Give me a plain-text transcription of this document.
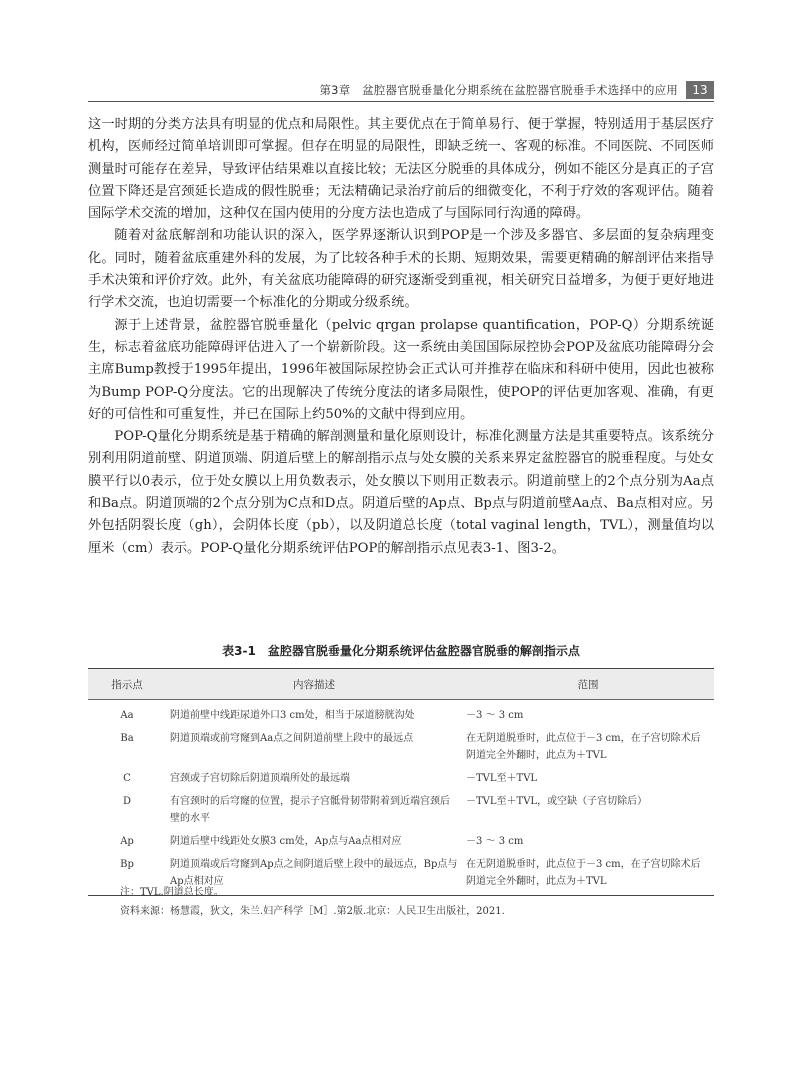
第3章　盆腔器官脱垂量化分期系统在盆腔器官脱垂手术选择中的应用	13

这一时期的分类方法具有明显的优点和局限性。其主要优点在于简单易行、便于掌握，特别适用于基层医疗机构，医师经过简单培训即可掌握。但存在明显的局限性，即缺乏统一、客观的标准。不同医院、不同医师测量时可能存在差异，导致评估结果难以直接比较；无法区分脱垂的具体成分，例如不能区分是真正的子宫位置下降还是宫颈延长造成的假性脱垂；无法精确记录治疗前后的细微变化，不利于疗效的客观评估。随着国际学术交流的增加，这种仅在国内使用的分度方法也造成了与国际同行沟通的障碍。

随着对盆底解剖和功能认识的深入，医学界逐渐认识到POP是一个涉及多器官、多层面的复杂病理变化。同时，随着盆底重建外科的发展，为了比较各种手术的长期、短期效果，需要更精确的解剖评估来指导手术决策和评价疗效。此外，有关盆底功能障碍的研究逐渐受到重视，相关研究日益增多，为便于更好地进行学术交流，也迫切需要一个标准化的分期或分级系统。

源于上述背景，盆腔器官脱垂量化（pelvic qrgan prolapse quantification，POP-Q）分期系统诞生，标志着盆底功能障碍评估进入了一个崭新阶段。这一系统由美国国际尿控协会POP及盆底功能障碍分会主席Bump教授于1995年提出，1996年被国际尿控协会正式认可并推荐在临床和科研中使用，因此也被称为Bump POP-Q分度法。它的出现解决了传统分度法的诸多局限性，使POP的评估更加客观、准确，有更好的可信性和可重复性，并已在国际上约50%的文献中得到应用。

POP-Q量化分期系统是基于精确的解剖测量和量化原则设计，标准化测量方法是其重要特点。该系统分别利用阴道前壁、阴道顶端、阴道后壁上的解剖指示点与处女膜的关系来界定盆腔器官的脱垂程度。与处女膜平行以0表示，位于处女膜以上用负数表示，处女膜以下则用正数表示。阴道前壁上的2个点分别为Aa点和Ba点。阴道顶端的2个点分别为C点和D点。阴道后壁的Ap点、Bp点与阴道前壁Aa点、Ba点相对应。另外包括阴裂长度（gh），会阴体长度（pb），以及阴道总长度（total vaginal length，TVL），测量值均以厘米（cm）表示。POP-Q量化分期系统评估POP的解剖指示点见表3-1、图3-2。

表3-1　盆腔器官脱垂量化分期系统评估盆腔器官脱垂的解剖指示点
指示点	内容描述	范围
Aa	阴道前壁中线距尿道外口3 cm处，相当于尿道膀胱沟处	－3 ～ 3 cm
Ba	阴道顶端或前穹窿到Aa点之间阴道前壁上段中的最远点	在无阴道脱垂时，此点位于－3 cm，在子宫切除术后阴道完全外翻时，此点为＋TVL
C	宫颈或子宫切除后阴道顶端所处的最远端	－TVL至＋TVL
D	有宫颈时的后穹窿的位置，提示子宫骶骨韧带附着到近端宫颈后壁的水平	－TVL至＋TVL，或空缺（子宫切除后）
Ap	阴道后壁中线距处女膜3 cm处，Ap点与Aa点相对应	－3 ～ 3 cm
Bp	阴道顶端或后穹窿到Ap点之间阴道后壁上段中的最远点，Bp点与Ap点相对应	在无阴道脱垂时，此点位于－3 cm，在子宫切除术后阴道完全外翻时，此点为＋TVL
注：TVL.阴道总长度。
资料来源：杨慧霞，狄文，朱兰.妇产科学［M］.第2版.北京：人民卫生出版社，2021.
